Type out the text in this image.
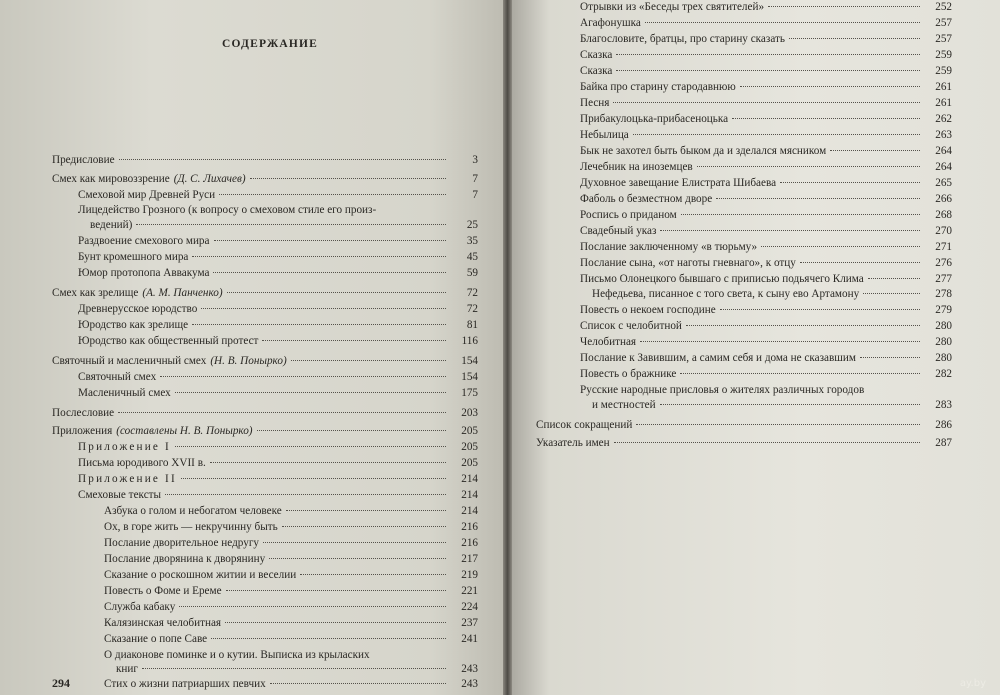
СОДЕРЖАНИЕ
Предисловие	3
Смех как мировоззрение (Д. С. Лихачев)	7
Смеховой мир Древней Руси	7
Лицедейство Грозного (к вопросу о смеховом стиле его произ-
ведений)	25
Раздвоение смехового мира	35
Бунт кромешного мира	45
Юмор протопопа Аввакума	59
Смех как зрелище (А. М. Панченко)	72
Древнерусское юродство	72
Юродство как зрелище	81
Юродство как общественный протест	116
Святочный и масленичный смех (Н. В. Понырко)	154
Святочный смех	154
Масленичный смех	175
Послесловие	203
Приложения (составлены Н. В. Понырко)	205
Приложение I	205
Письма юродивого XVII в.	205
Приложение II	214
Смеховые тексты	214
Азбука о голом и небогатом человеке	214
Ох, в горе жить — некручинну быть	216
Послание дворительное недругу	216
Послание дворянина к дворянину	217
Сказание о роскошном житии и веселии	219
Повесть о Фоме и Ереме	221
Служба кабаку	224
Калязинская челобитная	237
Сказание о попе Саве	241
О диаконове поминке и о кутии. Выписка из крыласких
книг	243
Стих о жизни патриарших певчих	243
Отрывки из «Беседы трех святителей»	252
Агафонушка	257
Благословите, братцы, про старину сказать	257
Сказка	259
Сказка	259
Байка про старину стародавнюю	261
Песня	261
Прибакулоцька-прибасеноцька	262
Небылица	263
Бык не захотел быть быком да и зделался мясником	264
Лечебник на иноземцев	264
Духовное завещание Елистрата Шибаева	265
Фаболь о безместном дворе	266
Роспись о приданом	268
Свадебный указ	270
Послание заключенному «в тюрьму»	271
Послание сына, «от наготы гневнаго», к отцу	276
Письмо Олонецкого бывшаго с приписью подьячего Клима	277
Нефедьева, писанное с того света, к сыну ево Артамону	278
Повесть о некоем господине	279
Список с челобитной	280
Челобитная	280
Послание к Завившим, а самим себя и дома не сказавшим	280
Повесть о бражнике	282
Русские народные присловья о жителях различных городов
и местностей	283
Список сокращений	286
Указатель имен	287
294	ay.by
